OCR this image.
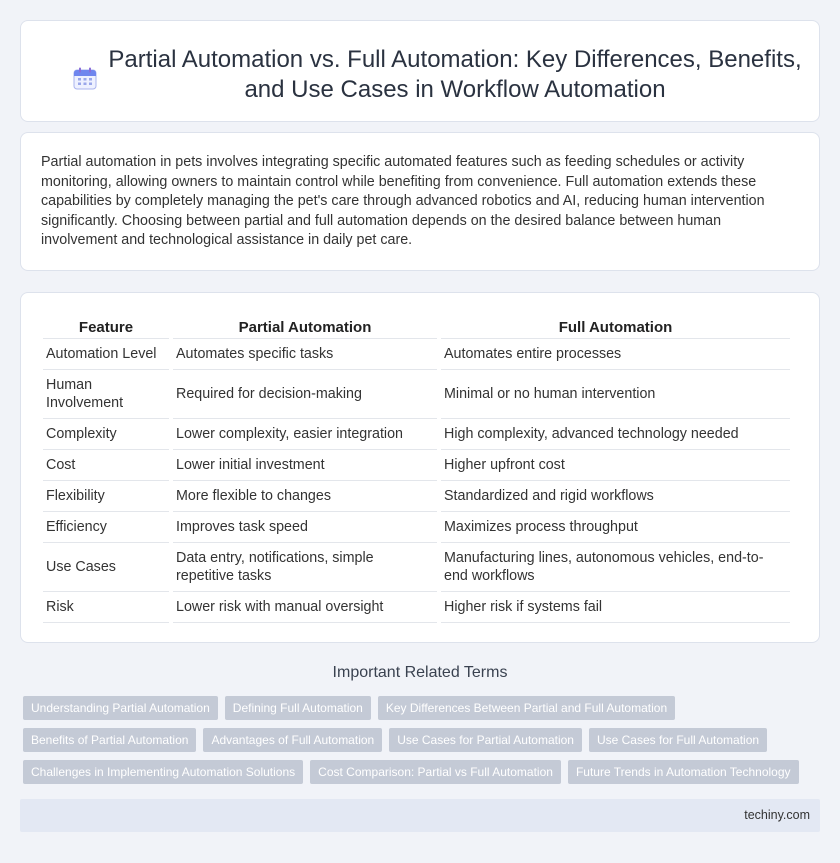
Partial Automation vs. Full Automation: Key Differences, Benefits, and Use Cases in Workflow Automation

Partial automation in pets involves integrating specific automated features such as feeding schedules or activity monitoring, allowing owners to maintain control while benefiting from convenience. Full automation extends these capabilities by completely managing the pet's care through advanced robotics and AI, reducing human intervention significantly. Choosing between partial and full automation depends on the desired balance between human involvement and technological assistance in daily pet care.

Feature	Partial Automation	Full Automation
Automation Level	Automates specific tasks	Automates entire processes
Human Involvement	Required for decision-making	Minimal or no human intervention
Complexity	Lower complexity, easier integration	High complexity, advanced technology needed
Cost	Lower initial investment	Higher upfront cost
Flexibility	More flexible to changes	Standardized and rigid workflows
Efficiency	Improves task speed	Maximizes process throughput
Use Cases	Data entry, notifications, simple repetitive tasks	Manufacturing lines, autonomous vehicles, end-to-end workflows
Risk	Lower risk with manual oversight	Higher risk if systems fail
Important Related Terms
Understanding Partial Automation	Defining Full Automation	Key Differences Between Partial and Full Automation
Benefits of Partial Automation	Advantages of Full Automation	Use Cases for Partial Automation	Use Cases for Full Automation
Challenges in Implementing Automation Solutions	Cost Comparison: Partial vs Full Automation	Future Trends in Automation Technology
techiny.com
